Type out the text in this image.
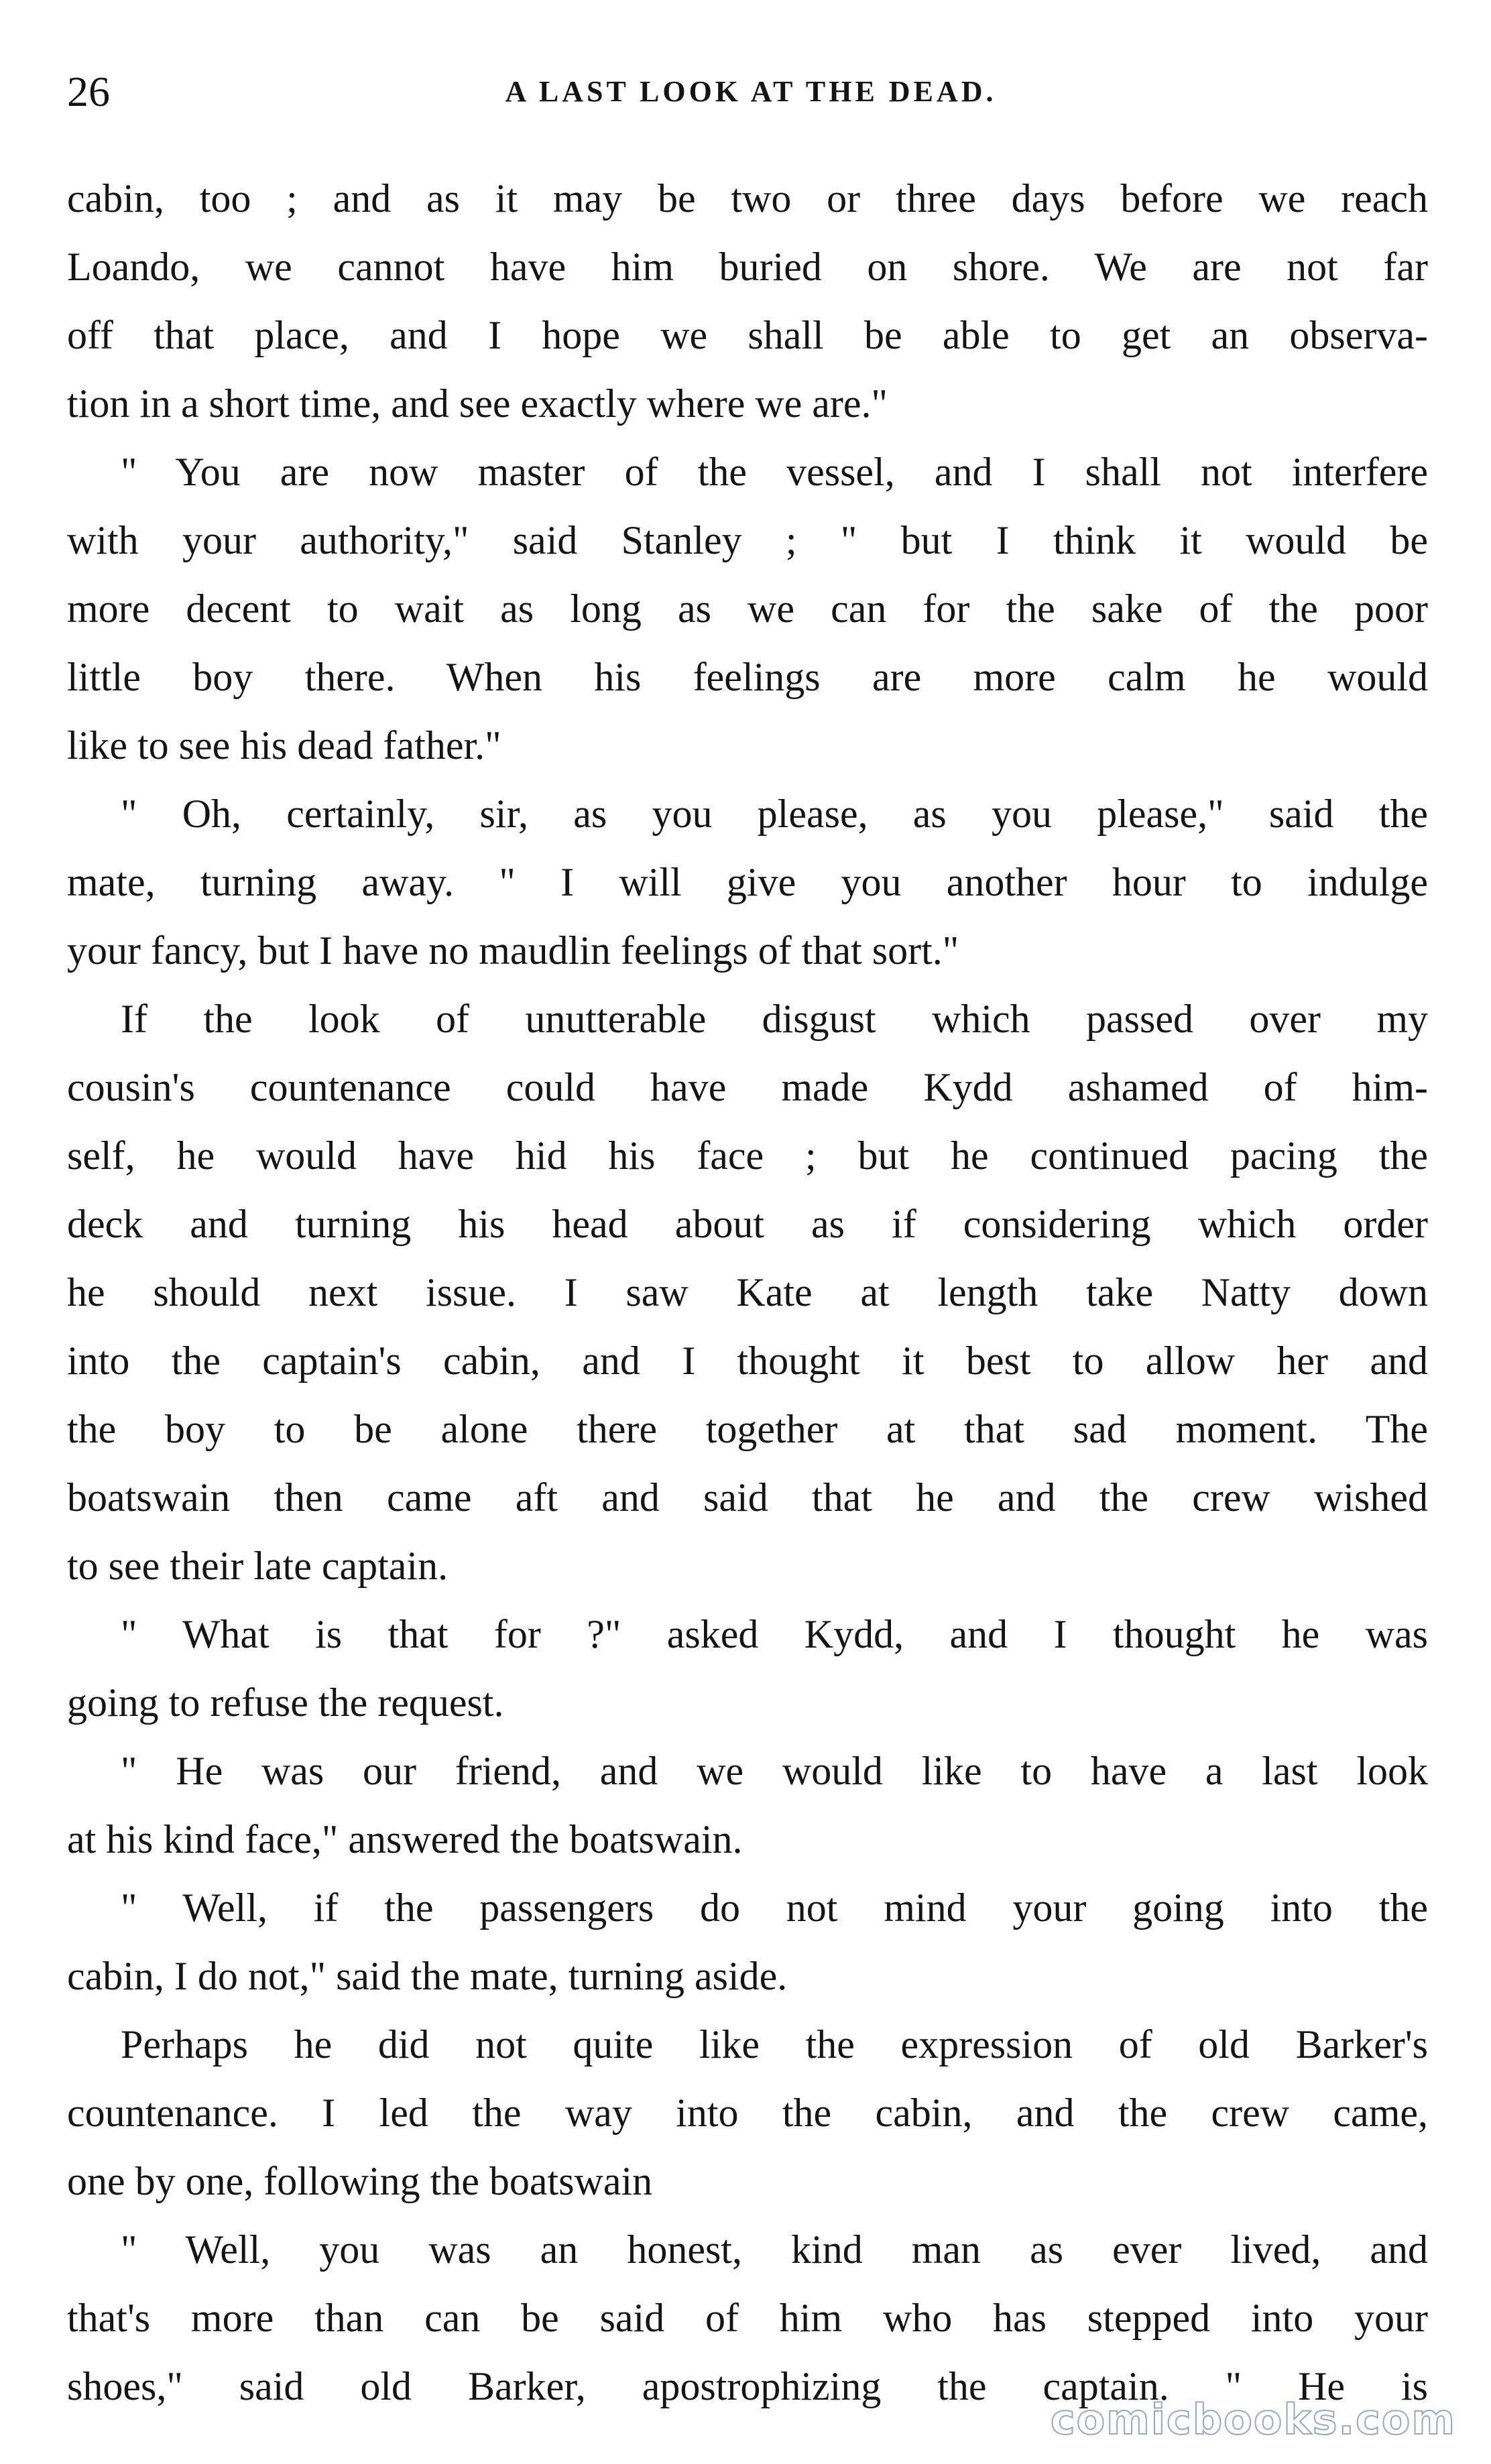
26	A LAST LOOK AT THE DEAD.

cabin, too ; and as it may be two or three days before we reach
Loando, we cannot have him buried on shore. We are not far
off that place, and I hope we shall be able to get an observa-
tion in a short time, and see exactly where we are."

" You are now master of the vessel, and I shall not interfere
with your authority," said Stanley ; " but I think it would be
more decent to wait as long as we can for the sake of the poor
little boy there. When his feelings are more calm he would
like to see his dead father."

" Oh, certainly, sir, as you please, as you please," said the
mate, turning away. " I will give you another hour to indulge
your fancy, but I have no maudlin feelings of that sort."

If the look of unutterable disgust which passed over my
cousin's countenance could have made Kydd ashamed of him-
self, he would have hid his face ; but he continued pacing the
deck and turning his head about as if considering which order
he should next issue. I saw Kate at length take Natty down
into the captain's cabin, and I thought it best to allow her and
the boy to be alone there together at that sad moment. The
boatswain then came aft and said that he and the crew wished
to see their late captain.

" What is that for ?" asked Kydd, and I thought he was
going to refuse the request.

" He was our friend, and we would like to have a last look
at his kind face," answered the boatswain.

" Well, if the passengers do not mind your going into the
cabin, I do not," said the mate, turning aside.

Perhaps he did not quite like the expression of old Barker's
countenance. I led the way into the cabin, and the crew came,
one by one, following the boatswain

" Well, you was an honest, kind man as ever lived, and
that's more than can be said of him who has stepped into your
shoes," said old Barker, apostrophizing the captain. " He is

comicbooks.com
